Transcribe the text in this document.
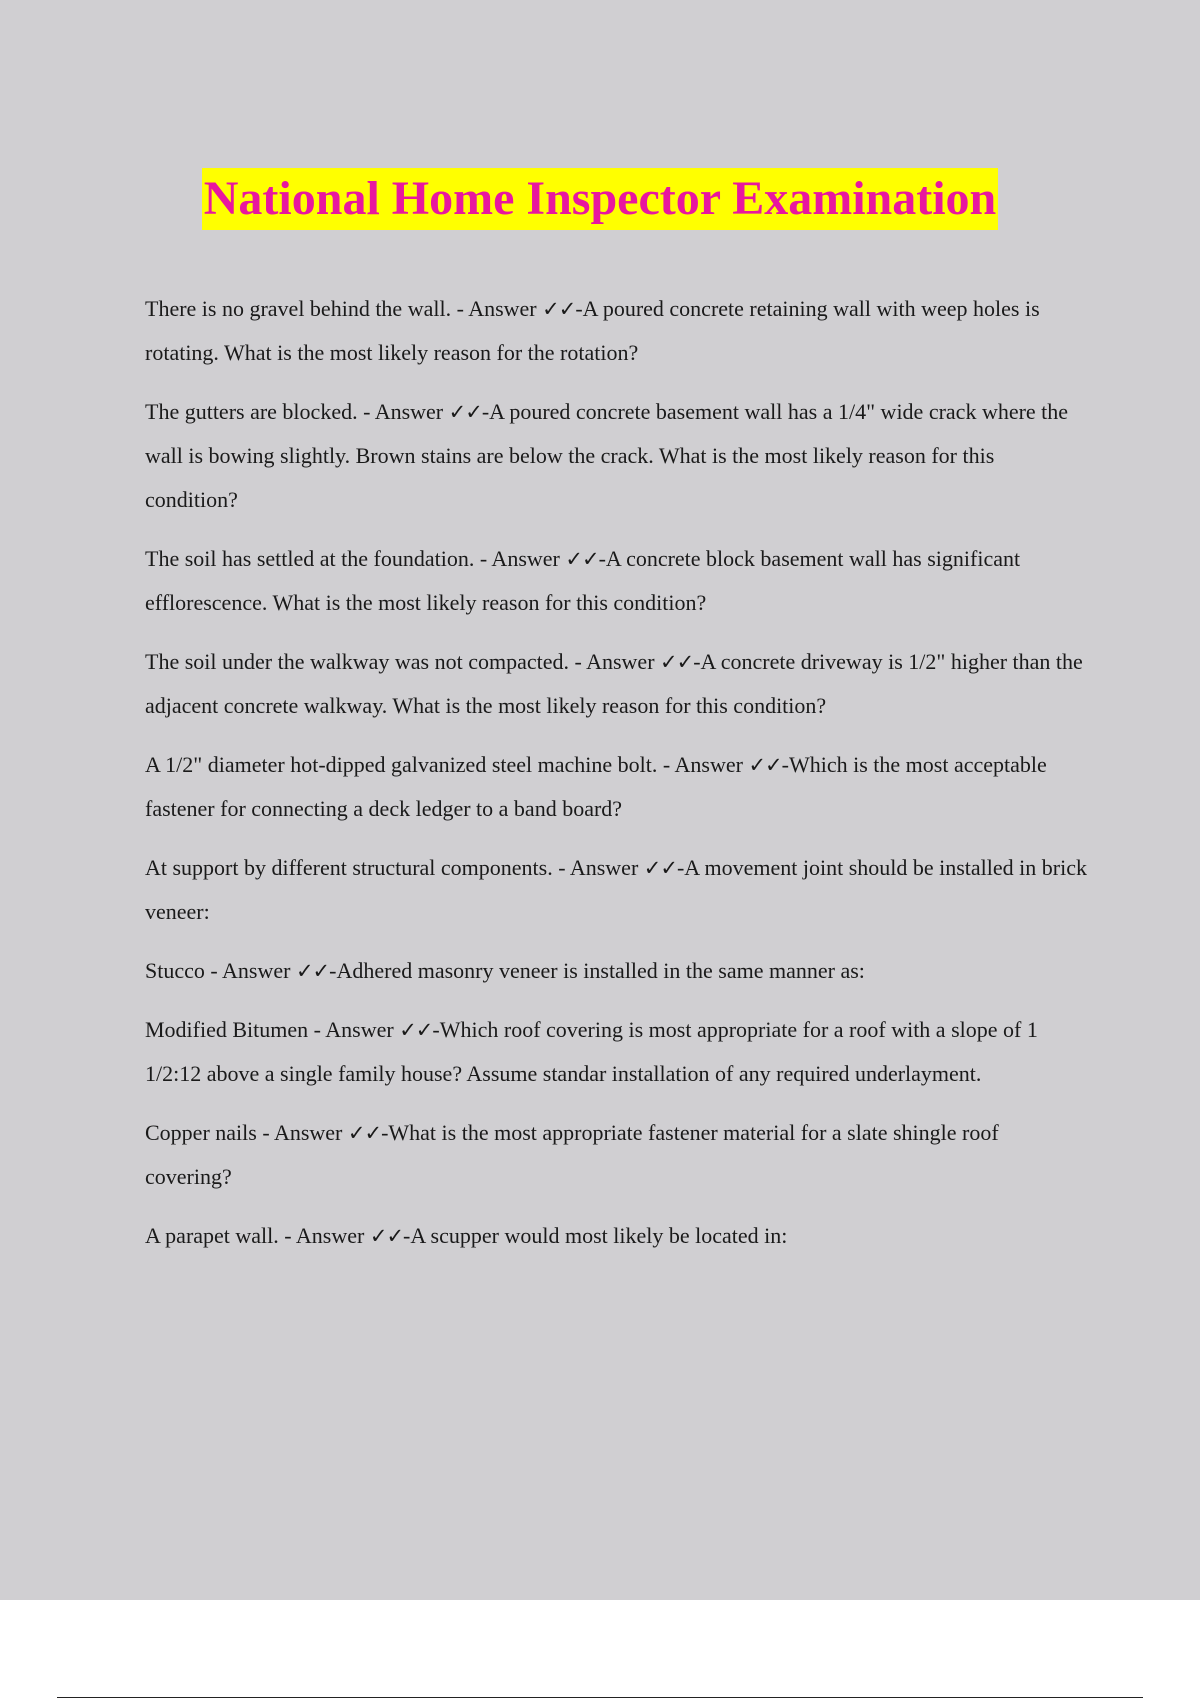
National Home Inspector Examination

There is no gravel behind the wall. - Answer ✓✓-A poured concrete retaining wall with weep holes is rotating. What is the most likely reason for the rotation?

The gutters are blocked. - Answer ✓✓-A poured concrete basement wall has a 1/4" wide crack where the wall is bowing slightly. Brown stains are below the crack. What is the most likely reason for this condition?

The soil has settled at the foundation. - Answer ✓✓-A concrete block basement wall has significant efflorescence. What is the most likely reason for this condition?

The soil under the walkway was not compacted. - Answer ✓✓-A concrete driveway is 1/2" higher than the adjacent concrete walkway. What is the most likely reason for this condition?

A 1/2" diameter hot-dipped galvanized steel machine bolt. - Answer ✓✓-Which is the most acceptable fastener for connecting a deck ledger to a band board?

At support by different structural components. - Answer ✓✓-A movement joint should be installed in brick veneer:

Stucco - Answer ✓✓-Adhered masonry veneer is installed in the same manner as:

Modified Bitumen - Answer ✓✓-Which roof covering is most appropriate for a roof with a slope of 1 1/2:12 above a single family house? Assume standar installation of any required underlayment.

Copper nails - Answer ✓✓-What is the most appropriate fastener material for a slate shingle roof covering?

A parapet wall. - Answer ✓✓-A scupper would most likely be located in:
